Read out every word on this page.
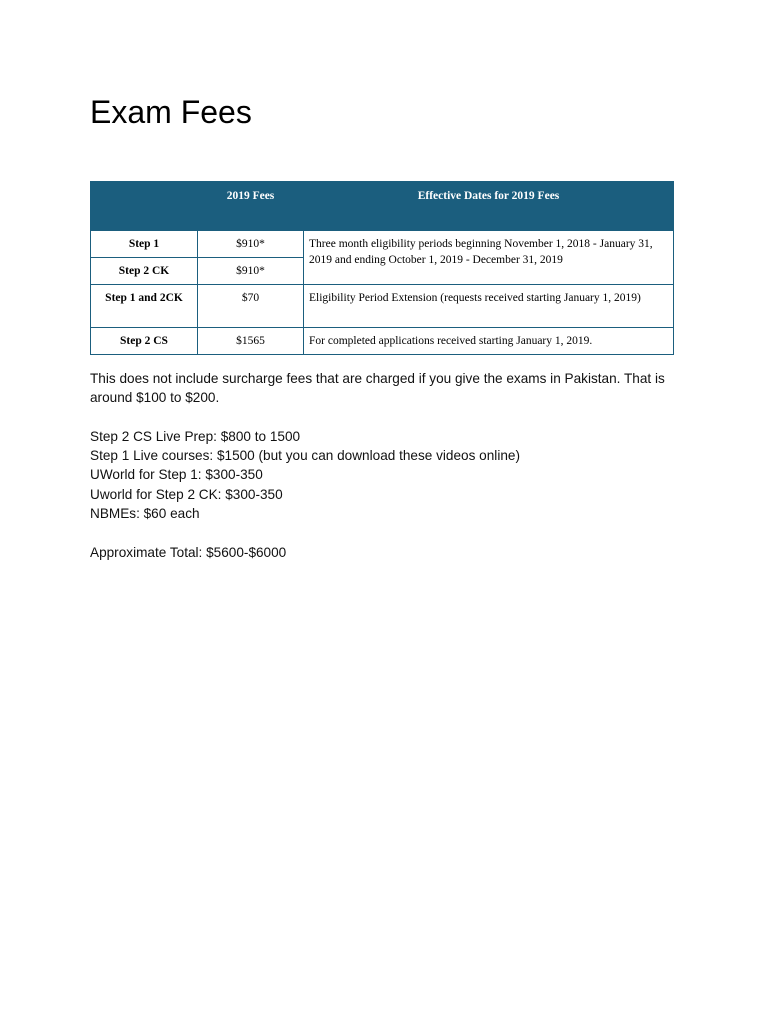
Exam Fees
	2019 Fees	Effective Dates for 2019 Fees
Step 1	$910*	Three month eligibility periods beginning November 1, 2018 - January 31, 2019 and ending October 1, 2019 - December 31, 2019
Step 2 CK	$910*	
Step 1 and 2CK	$70	Eligibility Period Extension (requests received starting January 1, 2019)
Step 2 CS	$1565	For completed applications received starting January 1, 2019.

This does not include surcharge fees that are charged if you give the exams in Pakistan. That is around $100 to $200.

Step 2 CS Live Prep: $800 to 1500

Step 1 Live courses: $1500 (but you can download these videos online)

UWorld for Step 1: $300-350

Uworld for Step 2 CK: $300-350

NBMEs: $60 each

Approximate Total: $5600-$6000
